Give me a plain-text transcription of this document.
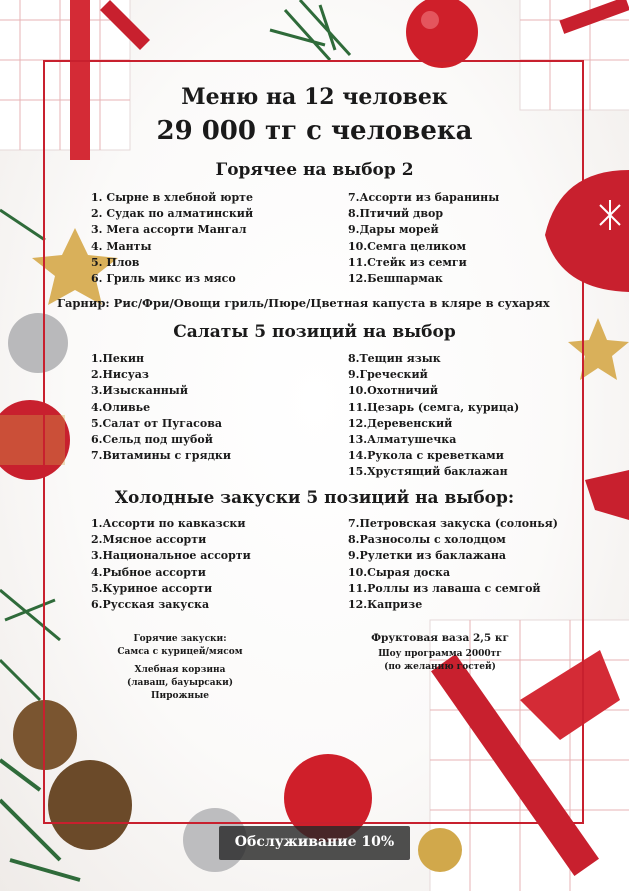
Меню на 12 человек
29 000 тг с человека
Горячее на выбор 2
1. Сырне в хлебной юрте
2. Судак по алматинский
3. Мега ассорти Мангал
4. Манты
5. Плов
6. Гриль микс из мясо
7.Ассорти из баранины
8.Птичий двор
9.Дары морей
10.Семга целиком
11.Стейк из семги
12.Бешпармак
Гарнир: Рис/Фри/Овощи гриль/Пюре/Цветная капуста в кляре в сухарях
Салаты 5 позиций на выбор
1.Пекин
2.Нисуаз
3.Изысканный
4.Оливье
5.Салат от Пугасова
6.Сельд под шубой
7.Витамины с грядки
8.Тещин язык
9.Греческий
10.Охотничий
11.Цезарь (семга, курица)
12.Деревенский
13.Алматушечка
14.Рукола с креветками
15.Хрустящий баклажан
Холодные закуски 5 позиций на выбор:
1.Ассорти по кавказски
2.Мясное ассорти
3.Национальное ассорти
4.Рыбное ассорти
5.Куриное ассорти
6.Русская закуска
7.Петровская закуска (солонья)
8.Разносолы с холодцом
9.Рулетки из баклажана
10.Сырая доска
11.Роллы из лаваша с семгой
12.Капризе
Горячие закуски:
Самса с курицей/мясом
Хлебная корзина
(лаваш, бауырсаки)
Пирожные
Фруктовая ваза 2,5 кг
Шоу программа 2000тг
(по желанию гостей)
Обслуживание 10%
